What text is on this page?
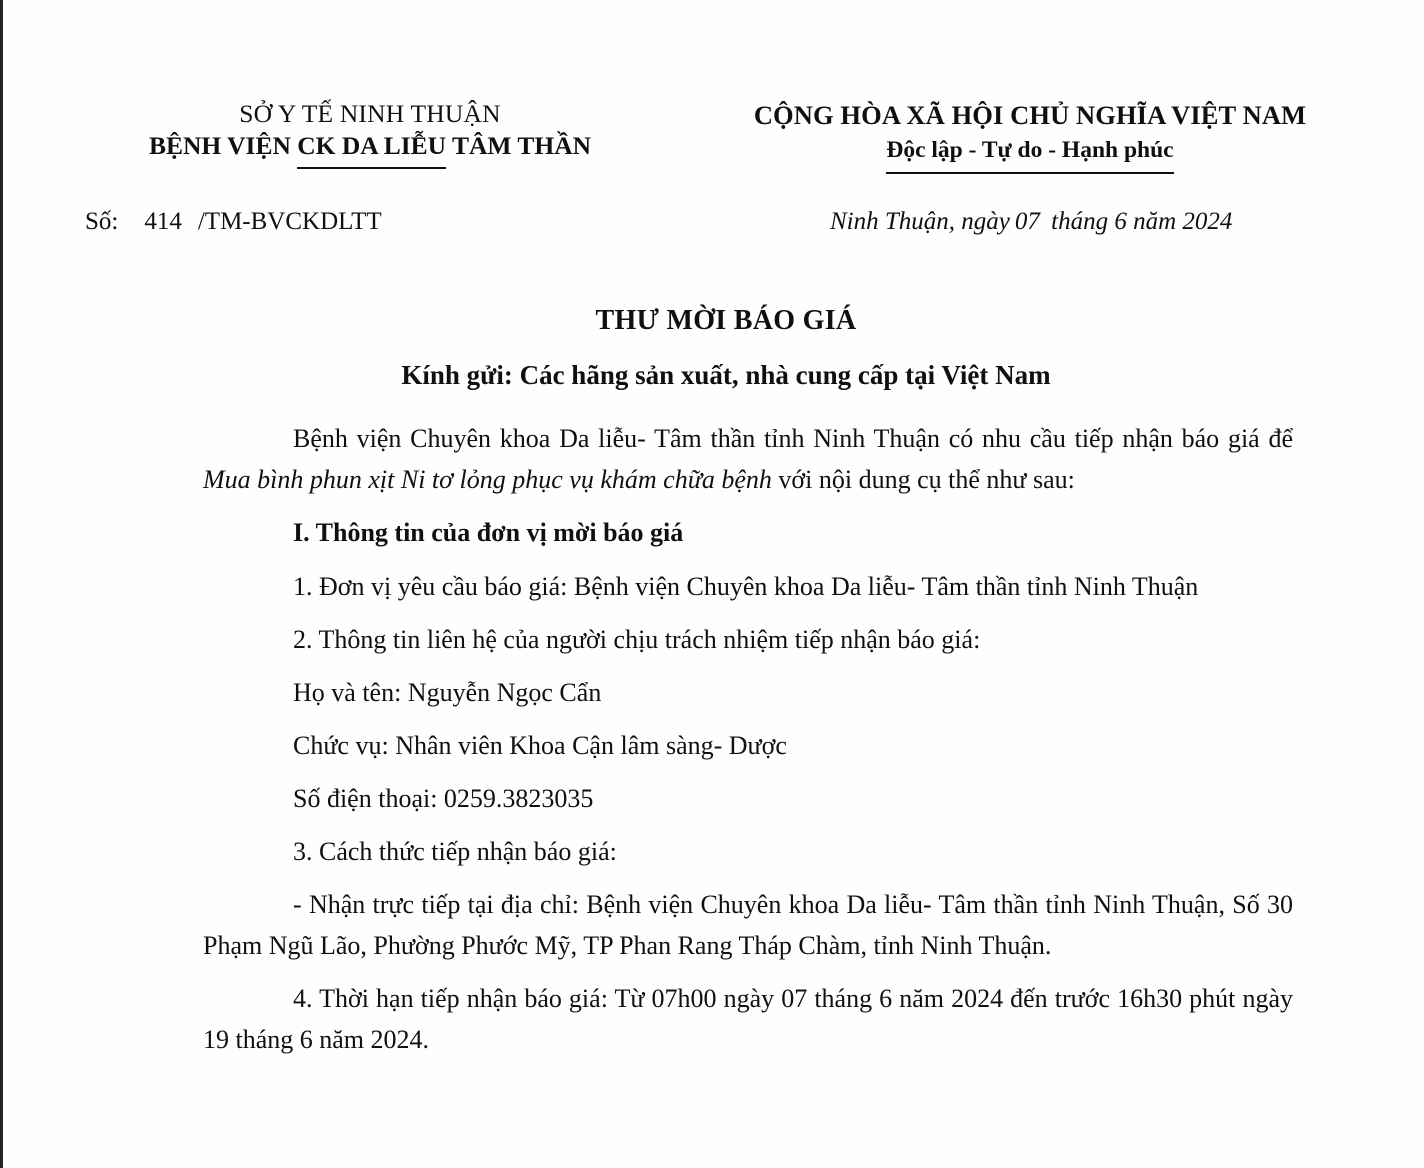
SỞ Y TẾ NINH THUẬN
BỆNH VIỆN CK DA LIỄU TÂM THẦN
CỘNG HÒA XÃ HỘI CHỦ NGHĨA VIỆT NAM
Độc lập - Tự do - Hạnh phúc
Số: 414 /TM-BVCKDLTT	Ninh Thuận, ngày 07 tháng 6 năm 2024
THƯ MỜI BÁO GIÁ
Kính gửi: Các hãng sản xuất, nhà cung cấp tại Việt Nam

Bệnh viện Chuyên khoa Da liễu- Tâm thần tỉnh Ninh Thuận có nhu cầu tiếp nhận báo giá để Mua bình phun xịt Ni tơ lỏng phục vụ khám chữa bệnh với nội dung cụ thể như sau:

I. Thông tin của đơn vị mời báo giá

1. Đơn vị yêu cầu báo giá: Bệnh viện Chuyên khoa Da liễu- Tâm thần tỉnh Ninh Thuận

2. Thông tin liên hệ của người chịu trách nhiệm tiếp nhận báo giá:

Họ và tên: Nguyễn Ngọc Cẩn

Chức vụ: Nhân viên Khoa Cận lâm sàng- Dược

Số điện thoại: 0259.3823035

3. Cách thức tiếp nhận báo giá:

- Nhận trực tiếp tại địa chỉ: Bệnh viện Chuyên khoa Da liễu- Tâm thần tỉnh Ninh Thuận, Số 30 Phạm Ngũ Lão, Phường Phước Mỹ, TP Phan Rang Tháp Chàm, tỉnh Ninh Thuận.

4. Thời hạn tiếp nhận báo giá: Từ 07h00 ngày 07 tháng 6 năm 2024 đến trước 16h30 phút ngày 19 tháng 6 năm 2024.
